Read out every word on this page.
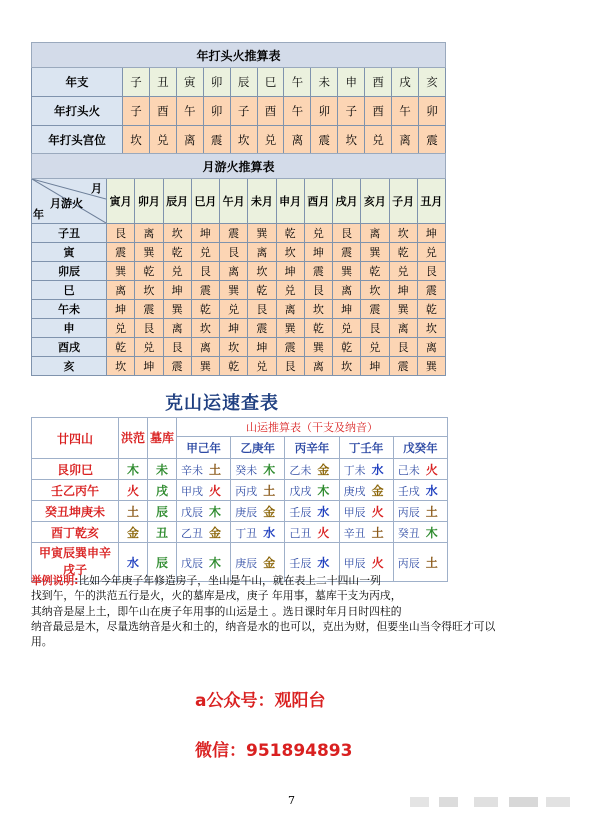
年打头火推算表												
年支	子	丑	寅	卯	辰	巳	午	未	申	酉	戌	亥
年打头火	子	酉	午	卯	子	酉	午	卯	子	酉	午	卯
年打头宫位	坎	兑	离	震	坎	兑	离	震	坎	兑	离	震
月游火推算表												

月
月游火
年	寅月	卯月	辰月	巳月	午月	未月	申月	酉月	戌月	亥月	子月	丑月
子丑	艮	离	坎	坤	震	巽	乾	兑	艮	离	坎	坤
寅	震	巽	乾	兑	艮	离	坎	坤	震	巽	乾	兑
卯辰	巽	乾	兑	艮	离	坎	坤	震	巽	乾	兑	艮
巳	离	坎	坤	震	巽	乾	兑	艮	离	坎	坤	震
午未	坤	震	巽	乾	兑	艮	离	坎	坤	震	巽	乾
申	兑	艮	离	坎	坤	震	巽	乾	兑	艮	离	坎
酉戌	乾	兑	艮	离	坎	坤	震	巽	乾	兑	艮	离
亥	坎	坤	震	巽	乾	兑	艮	离	坎	坤	震	巽
克山运速查表
廿四山	洪范	墓库	山运推算表（干支及纳音）				
			甲己年	乙庚年	丙辛年	丁壬年	戊癸年
艮卯巳	木	未	辛未 土	癸未 木	乙未 金	丁未 水	己未 火
壬乙丙午	火	戌	甲戌 火	丙戌 土	戊戌 木	庚戌 金	壬戌 水
癸丑坤庚未	土	辰	戊辰 木	庚辰 金	壬辰 水	甲辰 火	丙辰 土
酉丁乾亥	金	丑	乙丑 金	丁丑 水	己丑 火	辛丑 土	癸丑 木
甲寅辰巽申辛戌子	水	辰	戊辰 木	庚辰 金	壬辰 水	甲辰 火	丙辰 土
举例说明:比如今年庚子年修造房子，坐山是午山，就在表上二十四山一列
找到午，午的洪范五行是火，火的墓库是戌，庚子 年用事，墓库干支为丙戌，
其纳音是屋上土，即午山在庚子年用事的山运是土 。选日课时年月日时四柱的
纳音最忌是木，尽量选纳音是火和土的，纳音是水的也可以，克出为财，但要坐山当令得旺才可以
用。
a公众号：观阳台
微信：951894893
7
